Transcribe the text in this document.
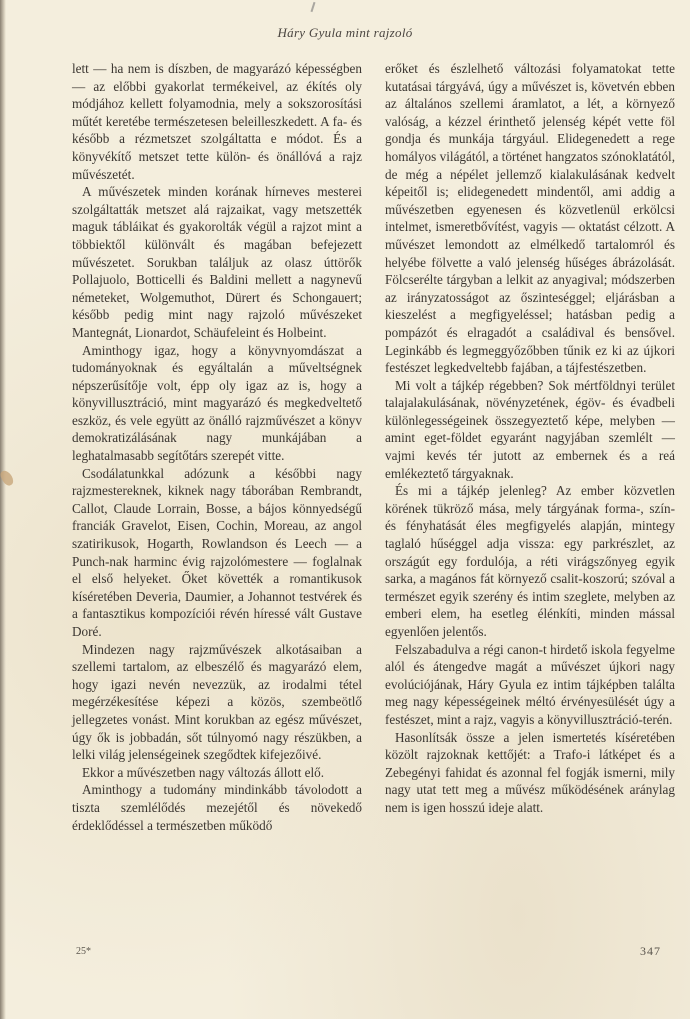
Háry Gyula mint rajzoló

lett — ha nem is díszben, de magyarázó képességben — az előbbi gyakorlat termékeivel, az ékítés oly módjához kellett folyamodnia, mely a sokszorosítási műtét keretébe természetesen beleilleszkedett. A fa- és később a rézmetszet szolgáltatta e módot. És a könyvékítő metszet tette külön- és önállóvá a rajz művészetét.

A művészetek minden korának hírneves mesterei szolgáltatták metszet alá rajzaikat, vagy metszették maguk tábláikat és gyakorolták végül a rajzot mint a többiektől különvált és magában befejezett művészetet. Sorukban találjuk az olasz úttörők Pollajuolo, Botticelli és Baldini mellett a nagynevű németeket, Wolgemuthot, Dürert és Schongauert; később pedig mint nagy rajzoló művészeket Mantegnát, Lionardot, Schäufeleint és Holbeint.

Aminthogy igaz, hogy a könyvnyomdászat a tudományoknak és egyáltalán a műveltségnek népszerűsítője volt, épp oly igaz az is, hogy a könyvillusztráció, mint magyarázó és megkedveltető eszköz, és vele együtt az önálló rajzművészet a könyv demokratizálásának nagy munkájában a leghatalmasabb segítőtárs szerepét vitte.

Csodálatunkkal adózunk a későbbi nagy rajzmestereknek, kiknek nagy táborában Rembrandt, Callot, Claude Lorrain, Bosse, a bájos könnyedségű franciák Gravelot, Eisen, Cochin, Moreau, az angol szatirikusok, Hogarth, Rowlandson és Leech — a Punch-nak harminc évig rajzolómestere — foglalnak el első helyeket. Őket követték a romantikusok kíséretében Deveria, Daumier, a Johannot testvérek és a fantasztikus kompozíciói révén híressé vált Gustave Doré.

Mindezen nagy rajzművészek alkotásaiban a szellemi tartalom, az elbeszélő és magyarázó elem, hogy igazi nevén nevezzük, az irodalmi tétel megérzékesítése képezi a közös, szembeötlő jellegzetes vonást. Mint korukban az egész művészet, úgy ők is jobbadán, sőt túlnyomó nagy részükben, a lelki világ jelenségeinek szegődtek kifejezőivé.

Ekkor a művészetben nagy változás állott elő.

Aminthogy a tudomány mindinkább távolodott a tiszta szemlélődés mezejétől és növekedő érdeklődéssel a természetben működő

erőket és észlelhető változási folyamatokat tette kutatásai tárgyává, úgy a művészet is, követvén ebben az általános szellemi áramlatot, a lét, a környező valóság, a kézzel érinthető jelenség képét vette föl gondja és munkája tárgyául. Elidegenedett a rege homályos világától, a történet hangzatos szónoklatától, de még a népélet jellemző kialakulásának kedvelt képeitől is; elidegenedett mindentől, ami addig a művészetben egyenesen és közvetlenül erkölcsi intelmet, ismeretbővítést, vagyis — oktatást célzott. A művészet lemondott az elmélkedő tartalomról és helyébe fölvette a való jelenség hűséges ábrázolását. Fölcserélte tárgyban a lelkit az anyagival; módszerben az irányzatosságot az őszinteséggel; eljárásban a kieszelést a megfigyeléssel; hatásban pedig a pompázót és elragadót a családival és bensővel. Leginkább és legmeggyőzőbben tűnik ez ki az újkori festészet legkedveltebb fajában, a tájfestészetben.

Mi volt a tájkép régebben? Sok mértföldnyi terület talajalakulásának, növényzetének, égöv- és évadbeli különlegességeinek összegyeztető képe, melyben — amint eget-földet egyaránt nagyjában szemlélt — vajmi kevés tér jutott az embernek és a reá emlékeztető tárgyaknak.

És mi a tájkép jelenleg? Az ember közvetlen körének tükröző mása, mely tárgyának forma-, szín- és fényhatását éles megfigyelés alapján, mintegy taglaló hűséggel adja vissza: egy parkrészlet, az országút egy fordulója, a réti virágszőnyeg egyik sarka, a magános fát környező csalit-koszorú; szóval a természet egyik szerény és intim szeglete, melyben az emberi elem, ha esetleg élénkíti, minden mással egyenlően jelentős.

Felszabadulva a régi canon-t hirdető iskola fegyelme alól és átengedve magát a művészet újkori nagy evolúciójának, Háry Gyula ez intim tájképben találta meg nagy képességeinek méltó érvényesülését úgy a festészet, mint a rajz, vagyis a könyvillusztráció-terén.

Hasonlítsák össze a jelen ismertetés kíséretében közölt rajzoknak kettőjét: a Trafo-i látképet és a Zebegényi fahidat és azonnal fel fogják ismerni, mily nagy utat tett meg a művész működésének aránylag nem is igen hosszú ideje alatt.

25*	347
